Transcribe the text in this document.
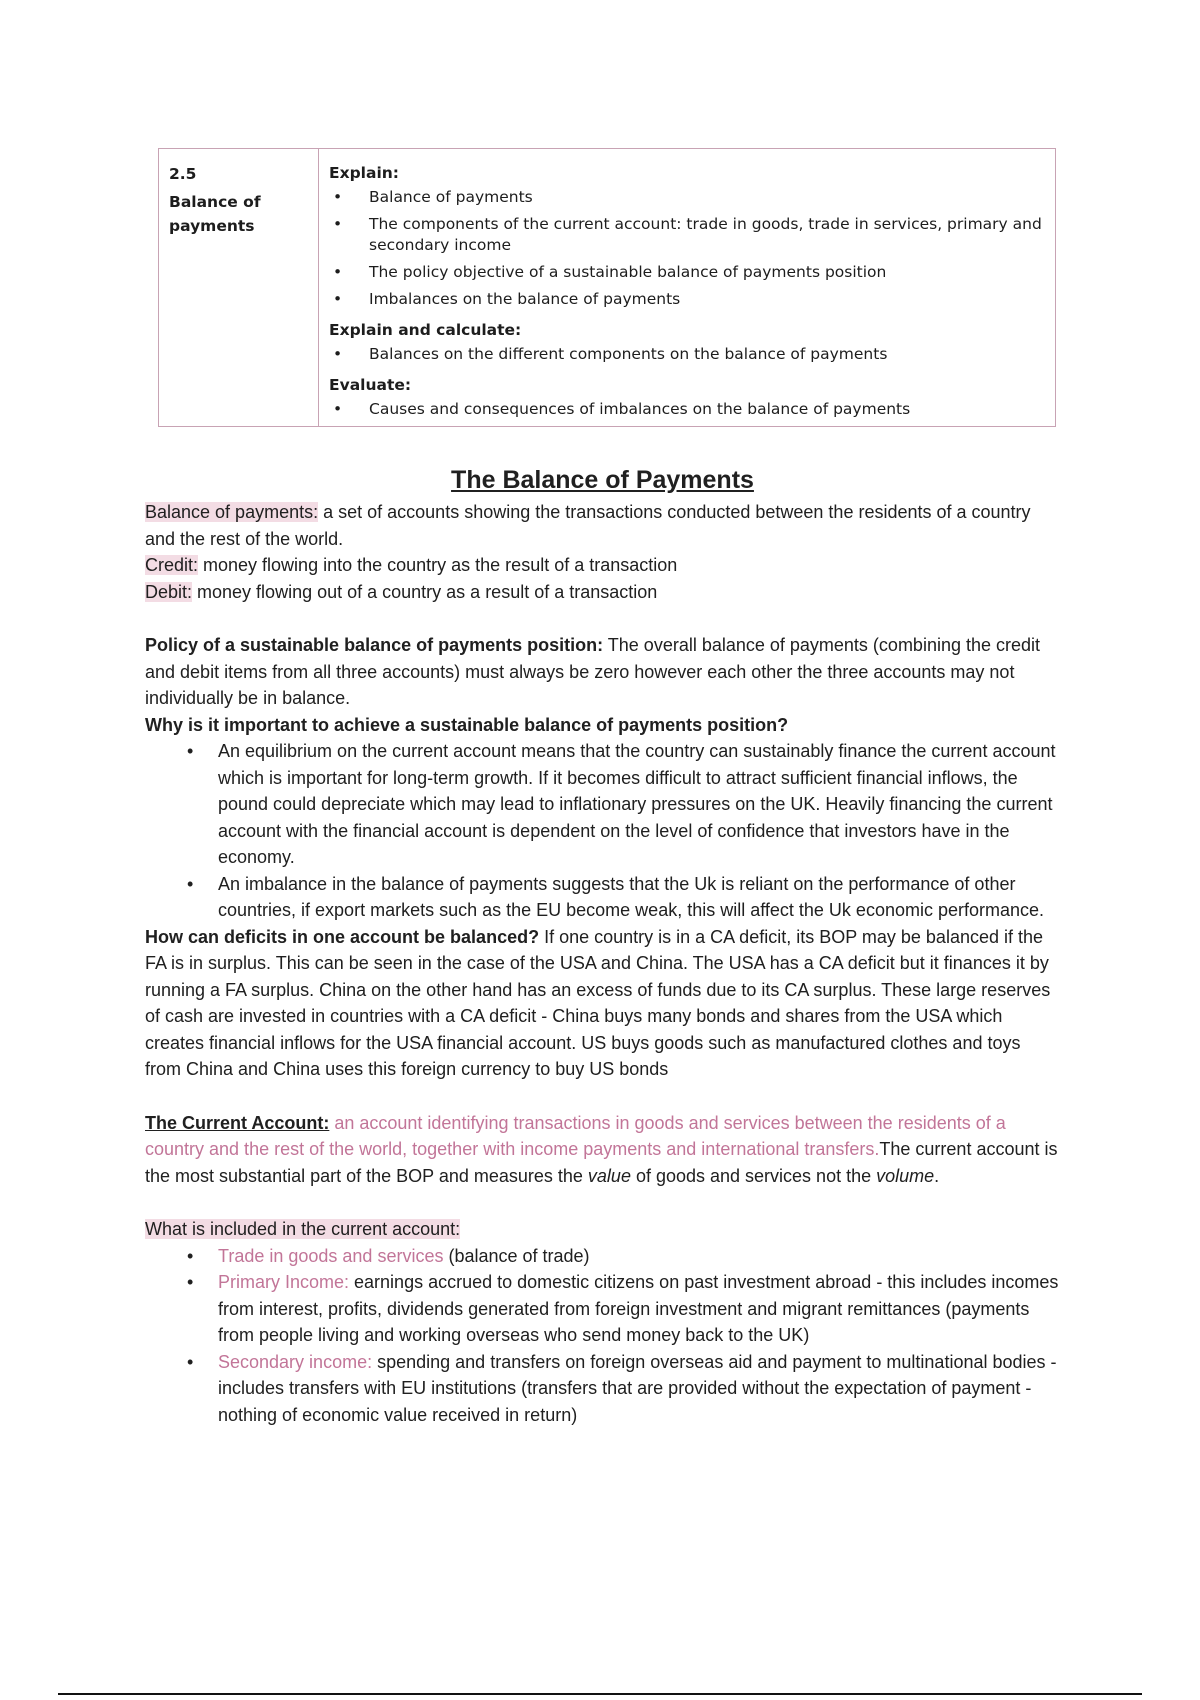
2.5
Balance of payments	
Explain:
• Balance of payments
• The components of the current account: trade in goods, trade in services, primary and secondary income
• The policy objective of a sustainable balance of payments position
• Imbalances on the balance of payments
Explain and calculate:
• Balances on the different components on the balance of payments
Evaluate:
• Causes and consequences of imbalances on the balance of payments
The Balance of Payments

Balance of payments: a set of accounts showing the transactions conducted between the residents of a country and the rest of the world.

Credit: money flowing into the country as the result of a transaction

Debit: money flowing out of a country as a result of a transaction

Policy of a sustainable balance of payments position: The overall balance of payments (combining the credit and debit items from all three accounts) must always be zero however each other the three accounts may not individually be in balance.

Why is it important to achieve a sustainable balance of payments position?

• An equilibrium on the current account means that the country can sustainably finance the current account which is important for long-term growth. If it becomes difficult to attract sufficient financial inflows, the pound could depreciate which may lead to inflationary pressures on the UK. Heavily financing the current account with the financial account is dependent on the level of confidence that investors have in the economy.
• An imbalance in the balance of payments suggests that the Uk is reliant on the performance of other countries, if export markets such as the EU become weak, this will affect the Uk economic performance.

How can deficits in one account be balanced? If one country is in a CA deficit, its BOP may be balanced if the FA is in surplus. This can be seen in the case of the USA and China. The USA has a CA deficit but it finances it by running a FA surplus. China on the other hand has an excess of funds due to its CA surplus. These large reserves of cash are invested in countries with a CA deficit - China buys many bonds and shares from the USA which creates financial inflows for the USA financial account. US buys goods such as manufactured clothes and toys from China and China uses this foreign currency to buy US bonds

The Current Account: an account identifying transactions in goods and services between the residents of a country and the rest of the world, together with income payments and international transfers.The current account is the most substantial part of the BOP and measures the value of goods and services not the volume.

What is included in the current account:

• Trade in goods and services (balance of trade)
• Primary Income: earnings accrued to domestic citizens on past investment abroad - this includes incomes from interest, profits, dividends generated from foreign investment and migrant remittances (payments from people living and working overseas who send money back to the UK)
• Secondary income: spending and transfers on foreign overseas aid and payment to multinational bodies - includes transfers with EU institutions (transfers that are provided without the expectation of payment - nothing of economic value received in return)
